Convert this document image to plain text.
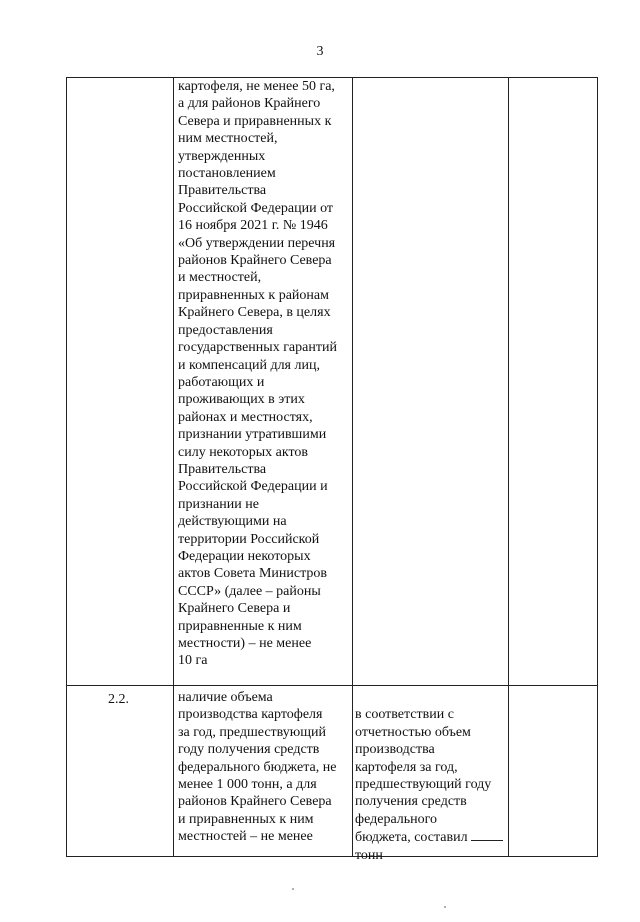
3

картофеля, не менее 50 га,
а для районов Крайнего
Севера и приравненных к
ним местностей,
утвержденных
постановлением
Правительства
Российской Федерации от
16 ноября 2021 г. № 1946
«Об утверждении перечня
районов Крайнего Севера
и местностей,
приравненных к районам
Крайнего Севера, в целях
предоставления
государственных гарантий
и компенсаций для лиц,
работающих и
проживающих в этих
районах и местностях,
признании утратившими
силу некоторых актов
Правительства
Российской Федерации и
признании не
действующими на
территории Российской
Федерации некоторых
актов Совета Министров
СССР» (далее – районы
Крайнего Севера и
приравненные к ним
местности) – не менее
10 га

2.2.	наличие объема
производства картофеля
за год, предшествующий
году получения средств
федерального бюджета, не
менее 1 000 тонн, а для
районов Крайнего Севера
и приравненных к ним
местностей – не менее

в соответствии с
отчетностью объем
производства
картофеля за год,
предшествующий году
получения средств
федерального
бюджета, составил
тонн
